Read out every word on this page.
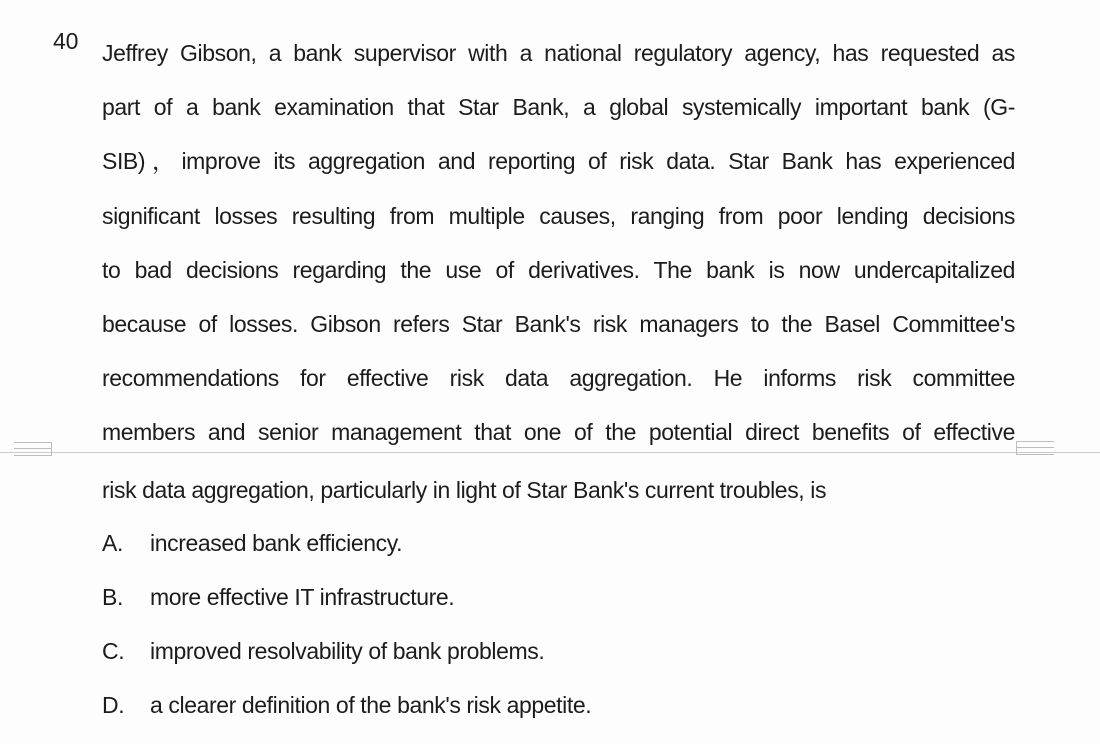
40 Jeffrey Gibson, a bank supervisor with a national regulatory agency, has requested as
part of a bank examination that Star Bank, a global systemically important bank (G-
SIB)，improve its aggregation and reporting of risk data. Star Bank has experienced
significant losses resulting from multiple causes, ranging from poor lending decisions
to bad decisions regarding the use of derivatives. The bank is now undercapitalized
because of losses. Gibson refers Star Bank's risk managers to the Basel Committee's
recommendations for effective risk data aggregation. He informs risk committee
members and senior management that one of the potential direct benefits of effective
risk data aggregation, particularly in light of Star Bank's current troubles, is
A. increased bank efficiency.
B. more effective IT infrastructure.
C. improved resolvability of bank problems.
D. a clearer definition of the bank's risk appetite.
